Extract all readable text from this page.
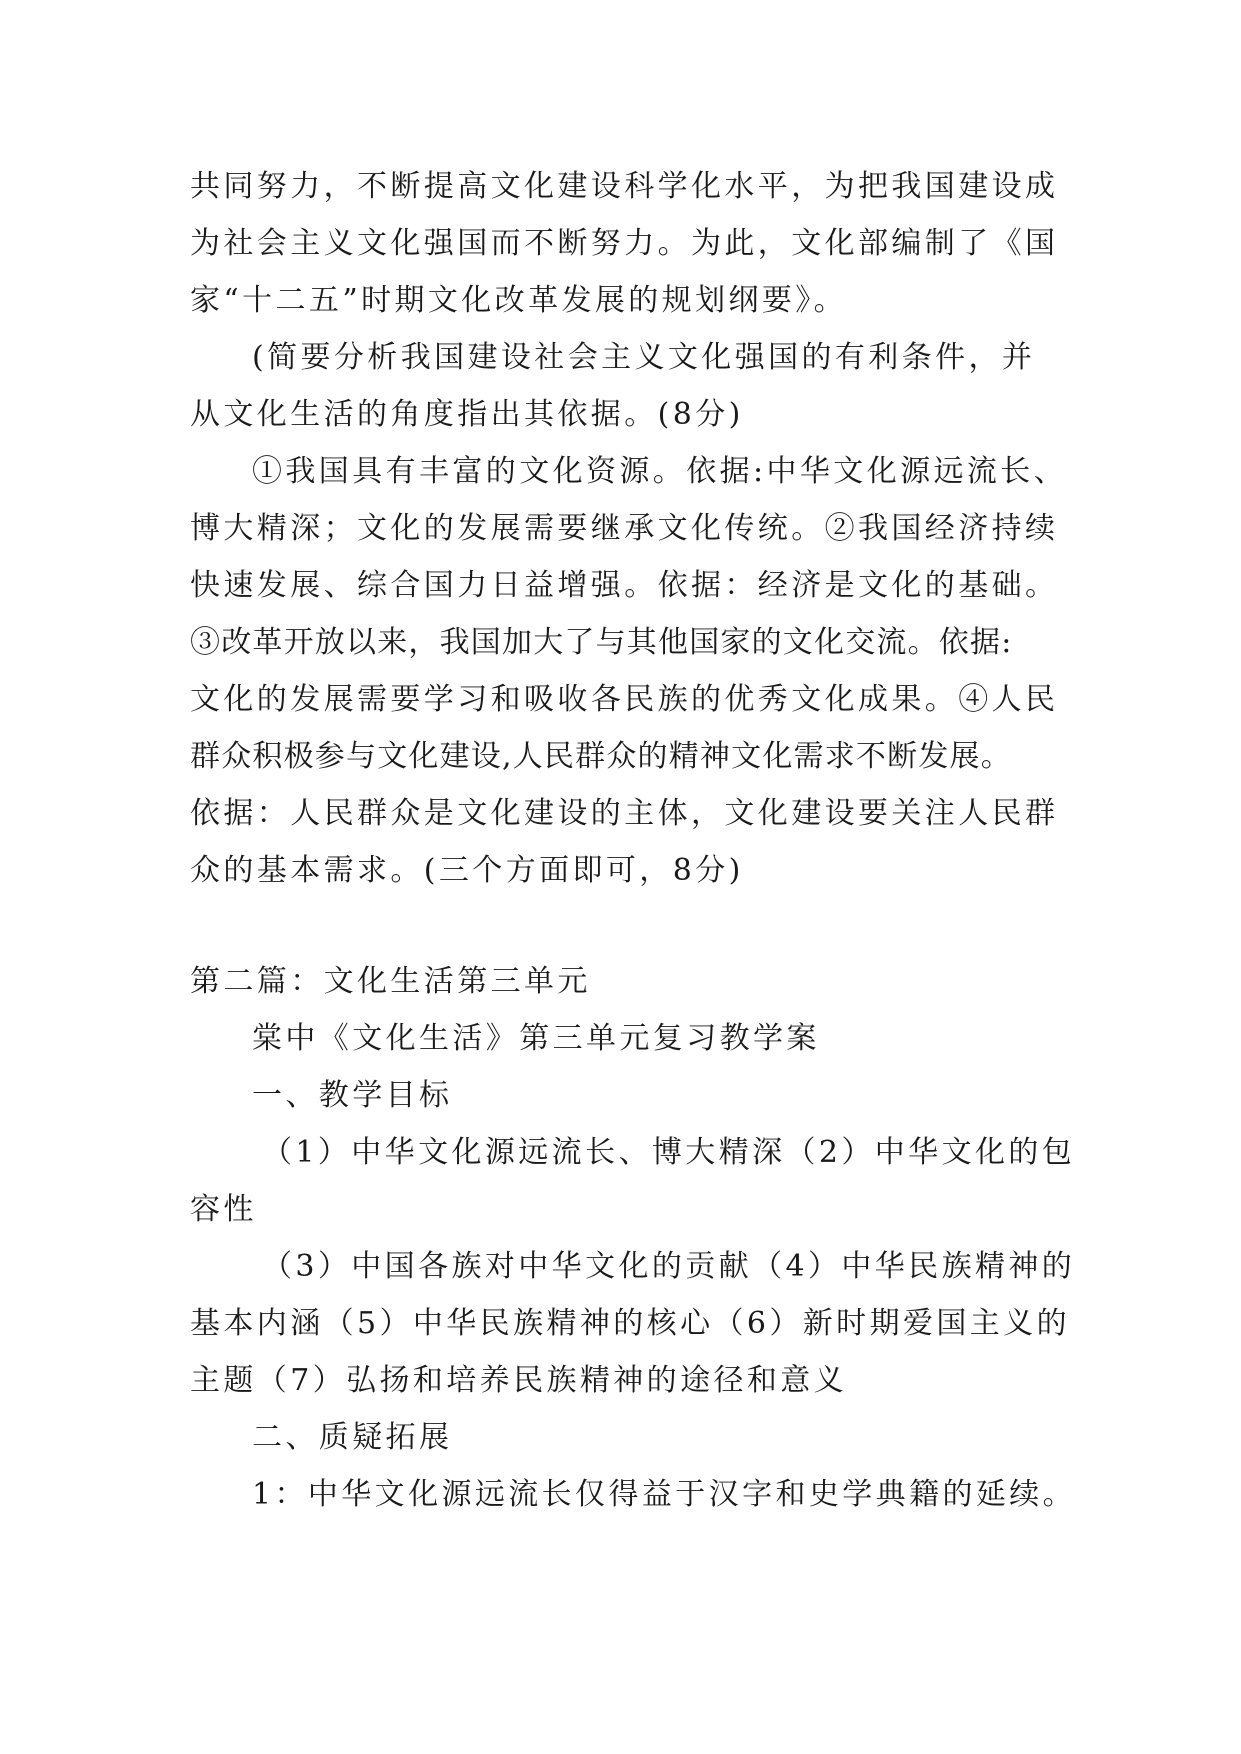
共同努力，不断提高文化建设科学化水平，为把我国建设成
为社会主义文化强国而不断努力。为此，文化部编制了《国
家“十二五”时期文化改革发展的规划纲要》。
(简要分析我国建设社会主义文化强国的有利条件，并
从文化生活的角度指出其依据。(8分)
①我国具有丰富的文化资源。依据:中华文化源远流长、
博大精深；文化的发展需要继承文化传统。②我国经济持续
快速发展、综合国力日益增强。依据：经济是文化的基础。
③改革开放以来，我国加大了与其他国家的文化交流。依据:
文化的发展需要学习和吸收各民族的优秀文化成果。④人民
群众积极参与文化建设,人民群众的精神文化需求不断发展。
依据：人民群众是文化建设的主体，文化建设要关注人民群
众的基本需求。(三个方面即可，8分)
第二篇：文化生活第三单元
棠中《文化生活》第三单元复习教学案
一、教学目标
（1）中华文化源远流长、博大精深（2）中华文化的包
容性
（3）中国各族对中华文化的贡献（4）中华民族精神的
基本内涵（5）中华民族精神的核心（6）新时期爱国主义的
主题（7）弘扬和培养民族精神的途径和意义
二、质疑拓展
1：中华文化源远流长仅得益于汉字和史学典籍的延续。
